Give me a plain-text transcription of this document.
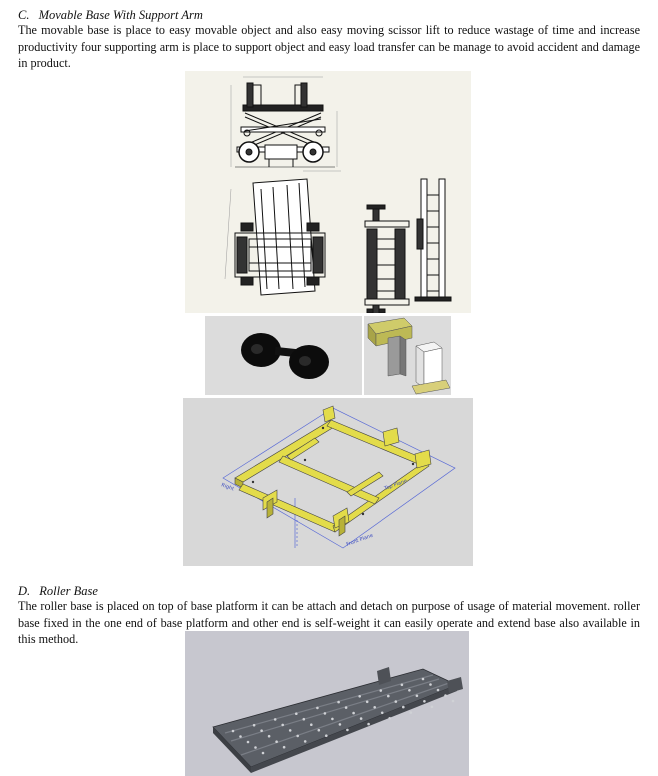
C. Movable Base With Support Arm

The movable base is place to easy movable object and also easy moving scissor lift to reduce wastage of time and increase productivity four supporting arm is place to support object and easy load transfer can be manage to avoid accident and damage in product.

Right	Top Plane
Front Plane
D. Roller Base

The roller base is placed on top of base platform it can be attach and detach on purpose of usage of material movement. roller base fixed in the one end of base platform and other end is self-weight it can easily operate and extend base also available in this method.
